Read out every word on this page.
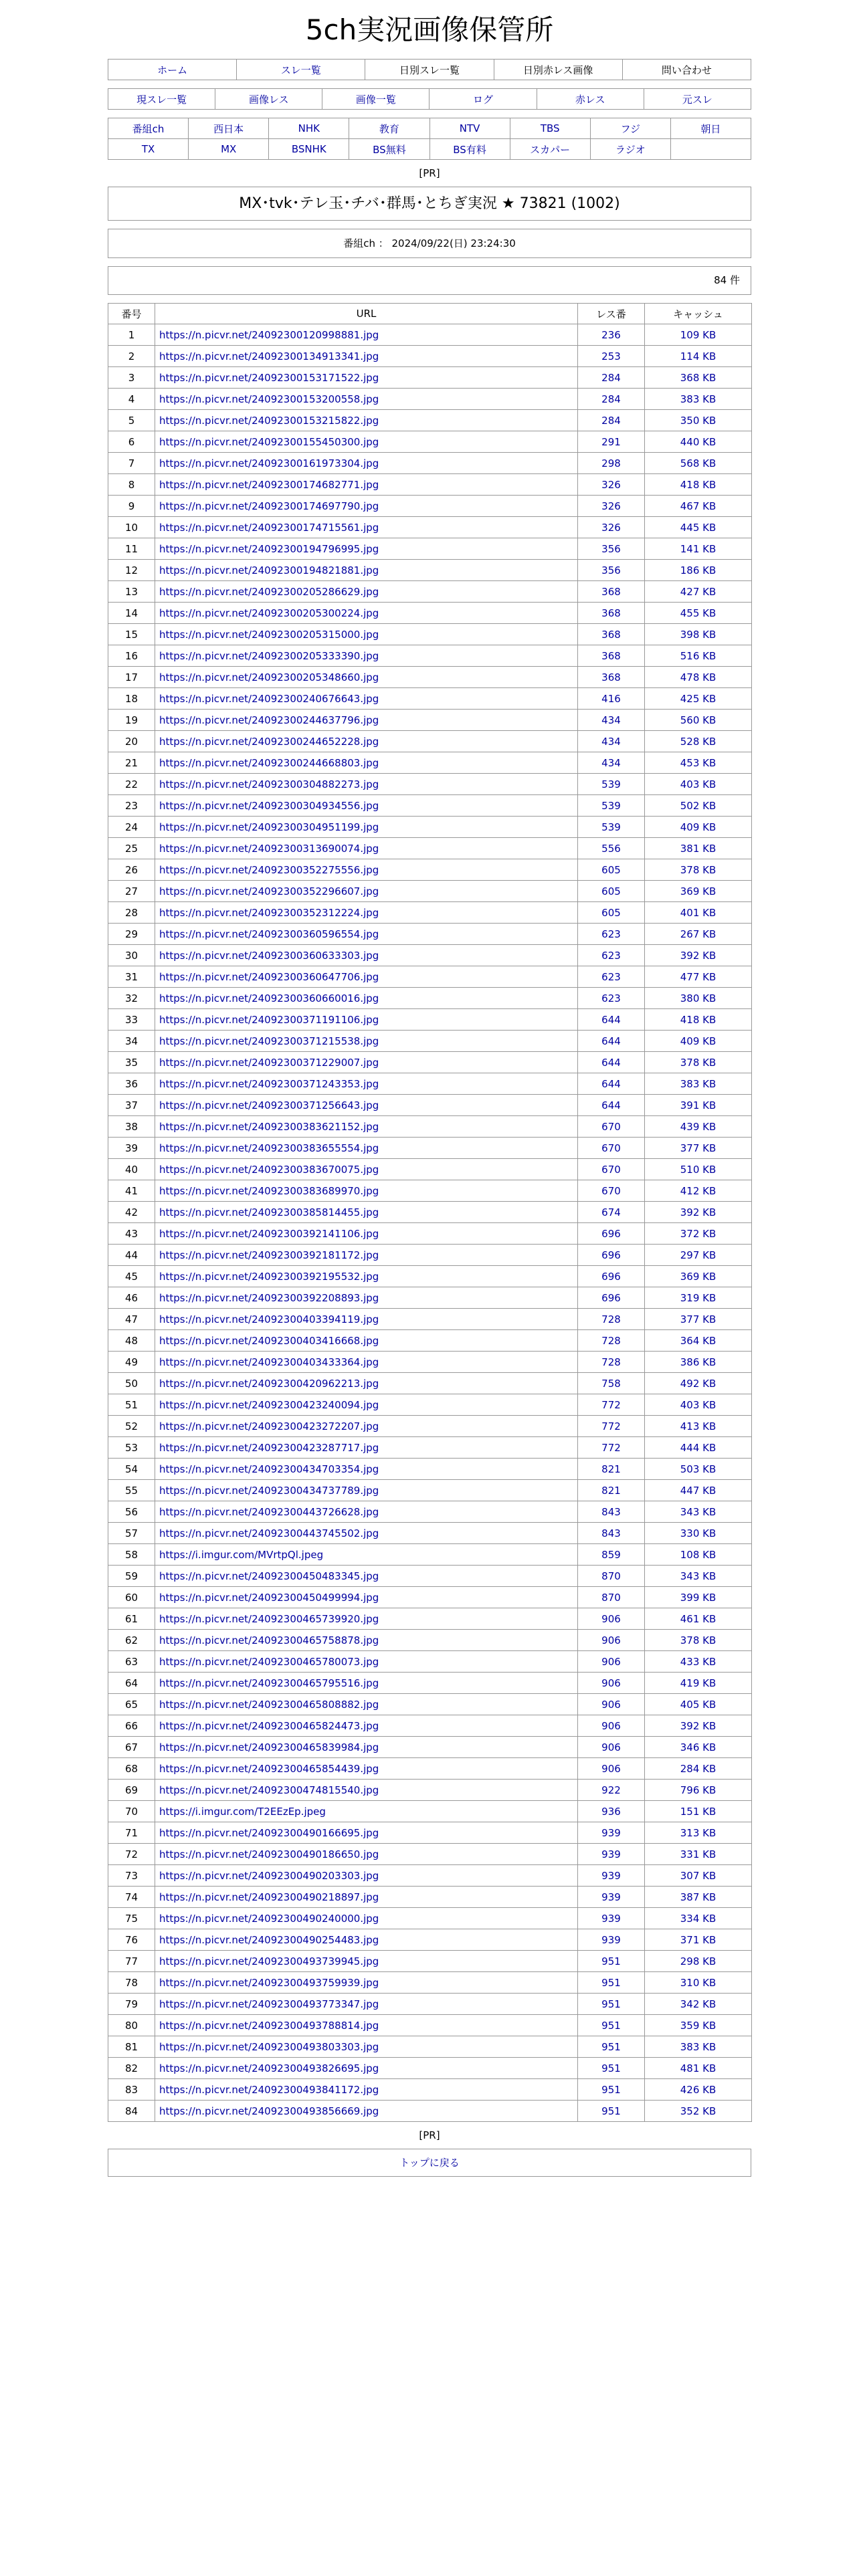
5ch実況画像保管所
ホーム	スレ一覧	日別スレ一覧	日別赤レス画像	問い合わせ
現スレ一覧	画像レス	画像一覧	ログ	赤レス	元スレ
番組ch	西日本	NHK	教育	NTV	TBS	フジ	朝日
TX	MX	BSNHK	BS無料	BS有料	スカパー	ラジオ	
[PR]
MX･tvk･テレ玉･チバ･群馬･とちぎ実況 ★ 73821 (1002)
番組ch ： 2024/09/22(日) 23:24:30
84 件
番号	URL	レス番	キャッシュ
1	https://n.picvr.net/24092300120998881.jpg	236	109 KB
2	https://n.picvr.net/24092300134913341.jpg	253	114 KB
3	https://n.picvr.net/24092300153171522.jpg	284	368 KB
4	https://n.picvr.net/24092300153200558.jpg	284	383 KB
5	https://n.picvr.net/24092300153215822.jpg	284	350 KB
6	https://n.picvr.net/24092300155450300.jpg	291	440 KB
7	https://n.picvr.net/24092300161973304.jpg	298	568 KB
8	https://n.picvr.net/24092300174682771.jpg	326	418 KB
9	https://n.picvr.net/24092300174697790.jpg	326	467 KB
10	https://n.picvr.net/24092300174715561.jpg	326	445 KB
11	https://n.picvr.net/24092300194796995.jpg	356	141 KB
12	https://n.picvr.net/24092300194821881.jpg	356	186 KB
13	https://n.picvr.net/24092300205286629.jpg	368	427 KB
14	https://n.picvr.net/24092300205300224.jpg	368	455 KB
15	https://n.picvr.net/24092300205315000.jpg	368	398 KB
16	https://n.picvr.net/24092300205333390.jpg	368	516 KB
17	https://n.picvr.net/24092300205348660.jpg	368	478 KB
18	https://n.picvr.net/24092300240676643.jpg	416	425 KB
19	https://n.picvr.net/24092300244637796.jpg	434	560 KB
20	https://n.picvr.net/24092300244652228.jpg	434	528 KB
21	https://n.picvr.net/24092300244668803.jpg	434	453 KB
22	https://n.picvr.net/24092300304882273.jpg	539	403 KB
23	https://n.picvr.net/24092300304934556.jpg	539	502 KB
24	https://n.picvr.net/24092300304951199.jpg	539	409 KB
25	https://n.picvr.net/24092300313690074.jpg	556	381 KB
26	https://n.picvr.net/24092300352275556.jpg	605	378 KB
27	https://n.picvr.net/24092300352296607.jpg	605	369 KB
28	https://n.picvr.net/24092300352312224.jpg	605	401 KB
29	https://n.picvr.net/24092300360596554.jpg	623	267 KB
30	https://n.picvr.net/24092300360633303.jpg	623	392 KB
31	https://n.picvr.net/24092300360647706.jpg	623	477 KB
32	https://n.picvr.net/24092300360660016.jpg	623	380 KB
33	https://n.picvr.net/24092300371191106.jpg	644	418 KB
34	https://n.picvr.net/24092300371215538.jpg	644	409 KB
35	https://n.picvr.net/24092300371229007.jpg	644	378 KB
36	https://n.picvr.net/24092300371243353.jpg	644	383 KB
37	https://n.picvr.net/24092300371256643.jpg	644	391 KB
38	https://n.picvr.net/24092300383621152.jpg	670	439 KB
39	https://n.picvr.net/24092300383655554.jpg	670	377 KB
40	https://n.picvr.net/24092300383670075.jpg	670	510 KB
41	https://n.picvr.net/24092300383689970.jpg	670	412 KB
42	https://n.picvr.net/24092300385814455.jpg	674	392 KB
43	https://n.picvr.net/24092300392141106.jpg	696	372 KB
44	https://n.picvr.net/24092300392181172.jpg	696	297 KB
45	https://n.picvr.net/24092300392195532.jpg	696	369 KB
46	https://n.picvr.net/24092300392208893.jpg	696	319 KB
47	https://n.picvr.net/24092300403394119.jpg	728	377 KB
48	https://n.picvr.net/24092300403416668.jpg	728	364 KB
49	https://n.picvr.net/24092300403433364.jpg	728	386 KB
50	https://n.picvr.net/24092300420962213.jpg	758	492 KB
51	https://n.picvr.net/24092300423240094.jpg	772	403 KB
52	https://n.picvr.net/24092300423272207.jpg	772	413 KB
53	https://n.picvr.net/24092300423287717.jpg	772	444 KB
54	https://n.picvr.net/24092300434703354.jpg	821	503 KB
55	https://n.picvr.net/24092300434737789.jpg	821	447 KB
56	https://n.picvr.net/24092300443726628.jpg	843	343 KB
57	https://n.picvr.net/24092300443745502.jpg	843	330 KB
58	https://i.imgur.com/MVrtpQl.jpeg	859	108 KB
59	https://n.picvr.net/24092300450483345.jpg	870	343 KB
60	https://n.picvr.net/24092300450499994.jpg	870	399 KB
61	https://n.picvr.net/24092300465739920.jpg	906	461 KB
62	https://n.picvr.net/24092300465758878.jpg	906	378 KB
63	https://n.picvr.net/24092300465780073.jpg	906	433 KB
64	https://n.picvr.net/24092300465795516.jpg	906	419 KB
65	https://n.picvr.net/24092300465808882.jpg	906	405 KB
66	https://n.picvr.net/24092300465824473.jpg	906	392 KB
67	https://n.picvr.net/24092300465839984.jpg	906	346 KB
68	https://n.picvr.net/24092300465854439.jpg	906	284 KB
69	https://n.picvr.net/24092300474815540.jpg	922	796 KB
70	https://i.imgur.com/T2EEzEp.jpeg	936	151 KB
71	https://n.picvr.net/24092300490166695.jpg	939	313 KB
72	https://n.picvr.net/24092300490186650.jpg	939	331 KB
73	https://n.picvr.net/24092300490203303.jpg	939	307 KB
74	https://n.picvr.net/24092300490218897.jpg	939	387 KB
75	https://n.picvr.net/24092300490240000.jpg	939	334 KB
76	https://n.picvr.net/24092300490254483.jpg	939	371 KB
77	https://n.picvr.net/24092300493739945.jpg	951	298 KB
78	https://n.picvr.net/24092300493759939.jpg	951	310 KB
79	https://n.picvr.net/24092300493773347.jpg	951	342 KB
80	https://n.picvr.net/24092300493788814.jpg	951	359 KB
81	https://n.picvr.net/24092300493803303.jpg	951	383 KB
82	https://n.picvr.net/24092300493826695.jpg	951	481 KB
83	https://n.picvr.net/24092300493841172.jpg	951	426 KB
84	https://n.picvr.net/24092300493856669.jpg	951	352 KB
[PR]
トップに戻る
